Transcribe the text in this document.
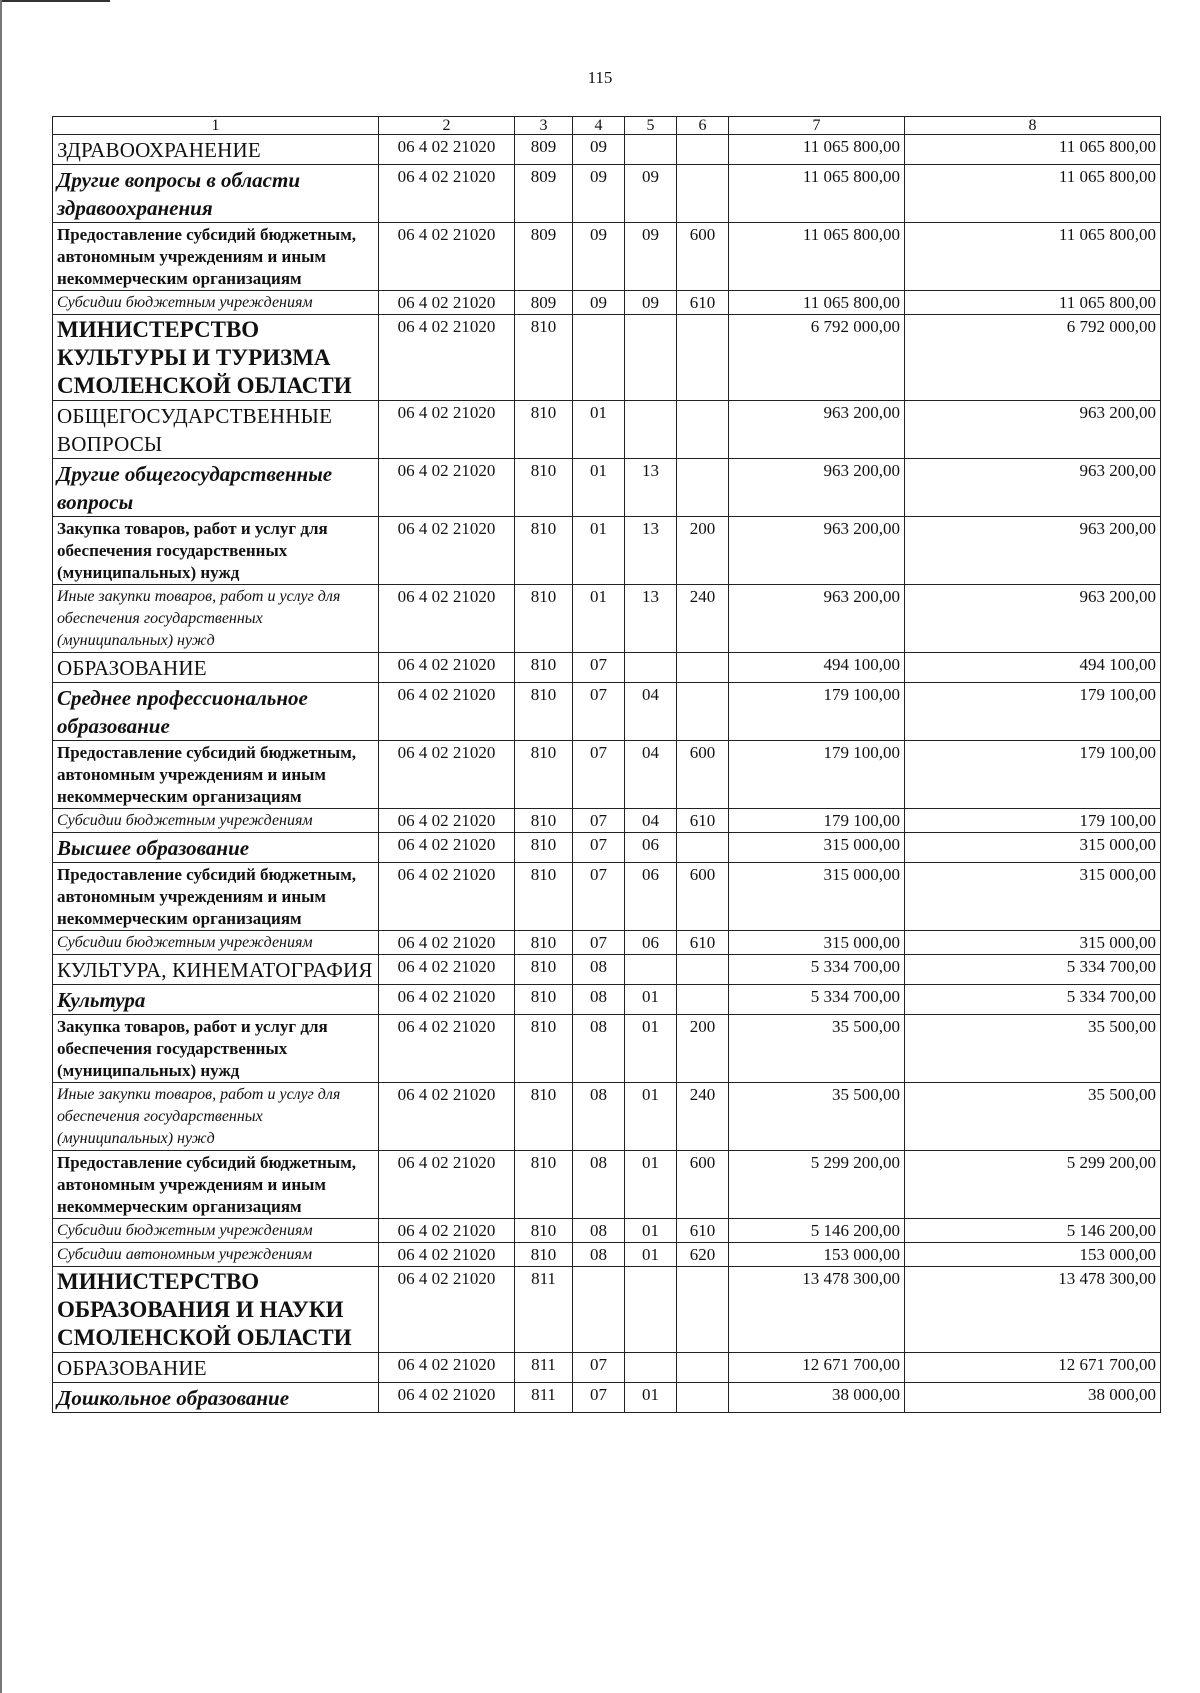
115
1	2	3	4	5	6	7	8
ЗДРАВООХРАНЕНИЕ	06 4 02 21020	809	09			11 065 800,00	11 065 800,00
Другие вопросы в области здравоохранения	06 4 02 21020	809	09	09		11 065 800,00	11 065 800,00
Предоставление субсидий бюджетным, автономным учреждениям и иным некоммерческим организациям	06 4 02 21020	809	09	09	600	11 065 800,00	11 065 800,00
Субсидии бюджетным учреждениям	06 4 02 21020	809	09	09	610	11 065 800,00	11 065 800,00
МИНИСТЕРСТВО КУЛЬТУРЫ И ТУРИЗМА СМОЛЕНСКОЙ ОБЛАСТИ	06 4 02 21020	810				6 792 000,00	6 792 000,00
ОБЩЕГОСУДАРСТВЕННЫЕ ВОПРОСЫ	06 4 02 21020	810	01			963 200,00	963 200,00
Другие общегосударственные вопросы	06 4 02 21020	810	01	13		963 200,00	963 200,00
Закупка товаров, работ и услуг для обеспечения государственных (муниципальных) нужд	06 4 02 21020	810	01	13	200	963 200,00	963 200,00
Иные закупки товаров, работ и услуг для обеспечения государственных (муниципальных) нужд	06 4 02 21020	810	01	13	240	963 200,00	963 200,00
ОБРАЗОВАНИЕ	06 4 02 21020	810	07			494 100,00	494 100,00
Среднее профессиональное образование	06 4 02 21020	810	07	04		179 100,00	179 100,00
Предоставление субсидий бюджетным, автономным учреждениям и иным некоммерческим организациям	06 4 02 21020	810	07	04	600	179 100,00	179 100,00
Субсидии бюджетным учреждениям	06 4 02 21020	810	07	04	610	179 100,00	179 100,00
Высшее образование	06 4 02 21020	810	07	06		315 000,00	315 000,00
Предоставление субсидий бюджетным, автономным учреждениям и иным некоммерческим организациям	06 4 02 21020	810	07	06	600	315 000,00	315 000,00
Субсидии бюджетным учреждениям	06 4 02 21020	810	07	06	610	315 000,00	315 000,00
КУЛЬТУРА, КИНЕМАТОГРАФИЯ	06 4 02 21020	810	08			5 334 700,00	5 334 700,00
Культура	06 4 02 21020	810	08	01		5 334 700,00	5 334 700,00
Закупка товаров, работ и услуг для обеспечения государственных (муниципальных) нужд	06 4 02 21020	810	08	01	200	35 500,00	35 500,00
Иные закупки товаров, работ и услуг для обеспечения государственных (муниципальных) нужд	06 4 02 21020	810	08	01	240	35 500,00	35 500,00
Предоставление субсидий бюджетным, автономным учреждениям и иным некоммерческим организациям	06 4 02 21020	810	08	01	600	5 299 200,00	5 299 200,00
Субсидии бюджетным учреждениям	06 4 02 21020	810	08	01	610	5 146 200,00	5 146 200,00
Субсидии автономным учреждениям	06 4 02 21020	810	08	01	620	153 000,00	153 000,00
МИНИСТЕРСТВО ОБРАЗОВАНИЯ И НАУКИ СМОЛЕНСКОЙ ОБЛАСТИ	06 4 02 21020	811				13 478 300,00	13 478 300,00
ОБРАЗОВАНИЕ	06 4 02 21020	811	07			12 671 700,00	12 671 700,00
Дошкольное образование	06 4 02 21020	811	07	01		38 000,00	38 000,00
